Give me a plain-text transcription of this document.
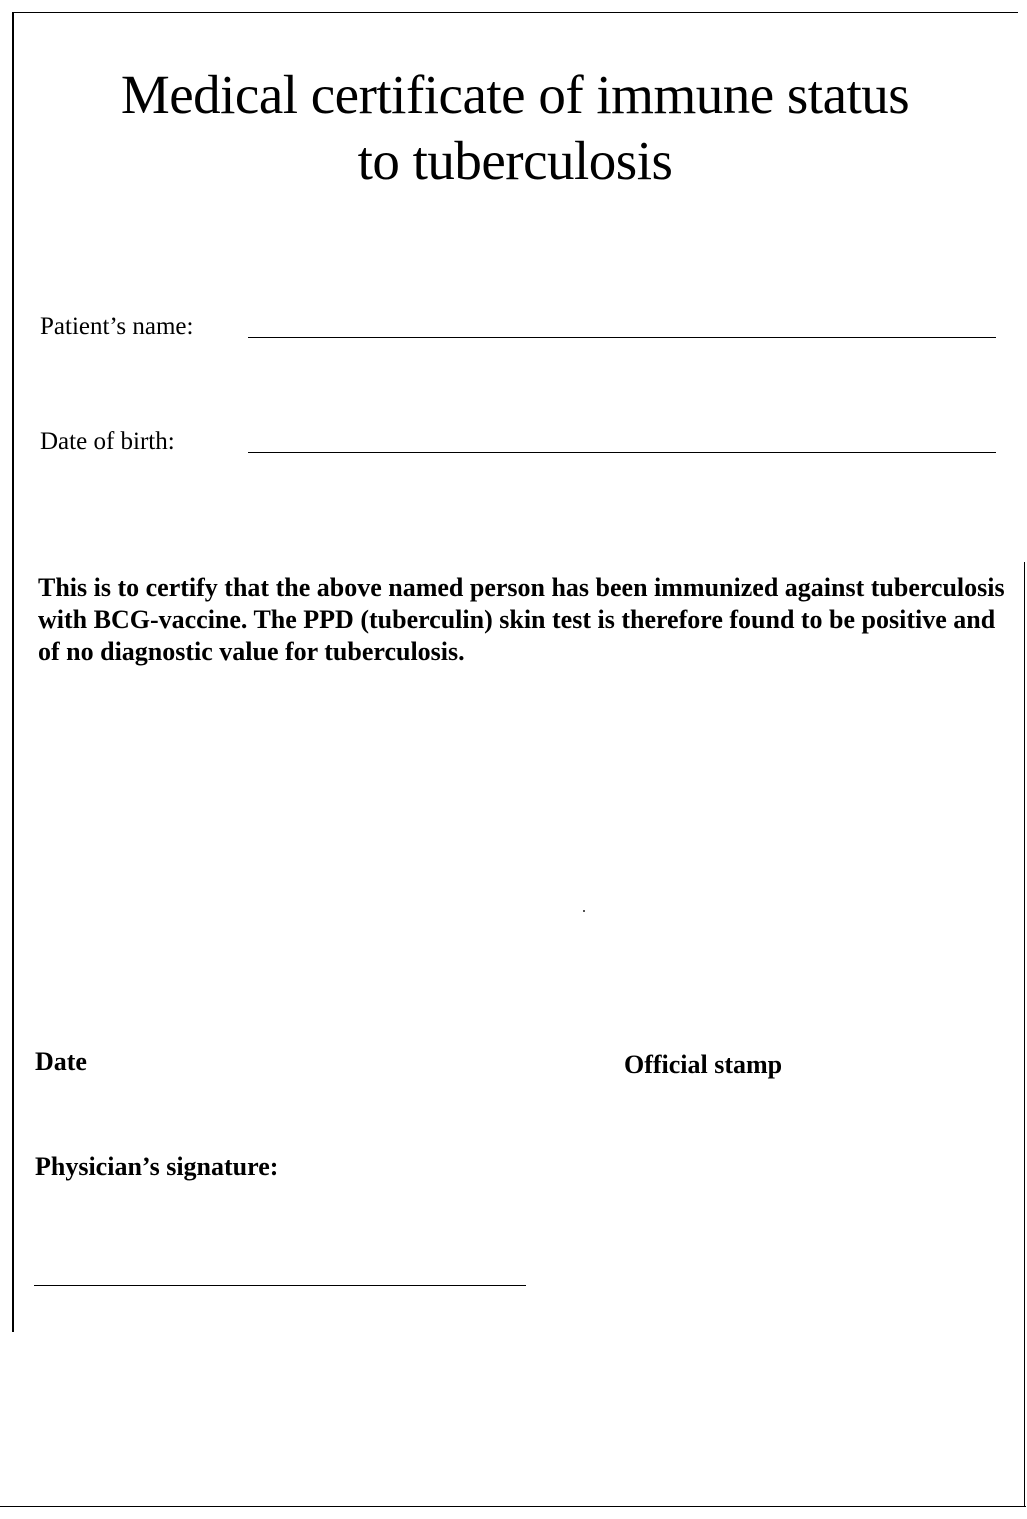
Medical certificate of immune status
to tuberculosis
Patient’s name:
Date of birth:

This is to certify that the above named person has been immunized against tuberculosis with BCG-vaccine. The PPD (tuberculin) skin test is therefore found to be positive and of no diagnostic value for tuberculosis.

Date	Official stamp
Physician’s signature:
